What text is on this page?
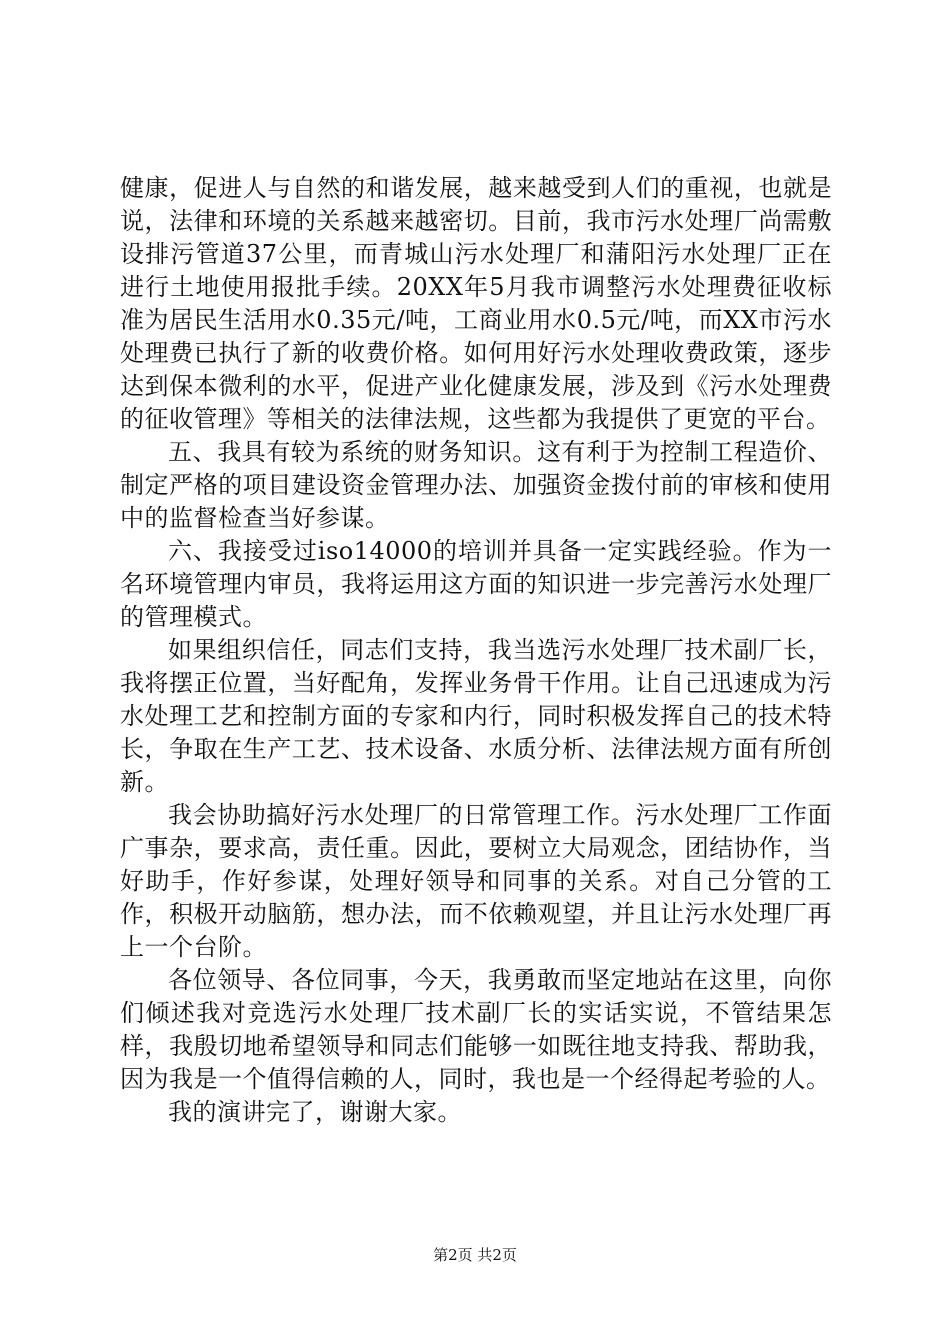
健康，促进人与自然的和谐发展，越来越受到人们的重视，也就是说，法律和环境的关系越来越密切。目前，我市污水处理厂尚需敷设排污管道37公里，而青城山污水处理厂和蒲阳污水处理厂正在进行土地使用报批手续。20XX年5月我市调整污水处理费征收标准为居民生活用水0.35元/吨，工商业用水0.5元/吨，而XX市污水处理费已执行了新的收费价格。如何用好污水处理收费政策，逐步达到保本微利的水平，促进产业化健康发展，涉及到《污水处理费的征收管理》等相关的法律法规，这些都为我提供了更宽的平台。

五、我具有较为系统的财务知识。这有利于为控制工程造价、制定严格的项目建设资金管理办法、加强资金拨付前的审核和使用中的监督检查当好参谋。

六、我接受过iso14000的培训并具备一定实践经验。作为一名环境管理内审员，我将运用这方面的知识进一步完善污水处理厂的管理模式。

如果组织信任，同志们支持，我当选污水处理厂技术副厂长，我将摆正位置，当好配角，发挥业务骨干作用。让自己迅速成为污水处理工艺和控制方面的专家和内行，同时积极发挥自己的技术特长，争取在生产工艺、技术设备、水质分析、法律法规方面有所创新。

我会协助搞好污水处理厂的日常管理工作。污水处理厂工作面广事杂，要求高，责任重。因此，要树立大局观念，团结协作，当好助手，作好参谋，处理好领导和同事的关系。对自己分管的工作，积极开动脑筋，想办法，而不依赖观望，并且让污水处理厂再上一个台阶。

各位领导、各位同事，今天，我勇敢而坚定地站在这里，向你们倾述我对竞选污水处理厂技术副厂长的实话实说，不管结果怎样，我殷切地希望领导和同志们能够一如既往地支持我、帮助我，因为我是一个值得信赖的人，同时，我也是一个经得起考验的人。

我的演讲完了，谢谢大家。

第2页 共2页
